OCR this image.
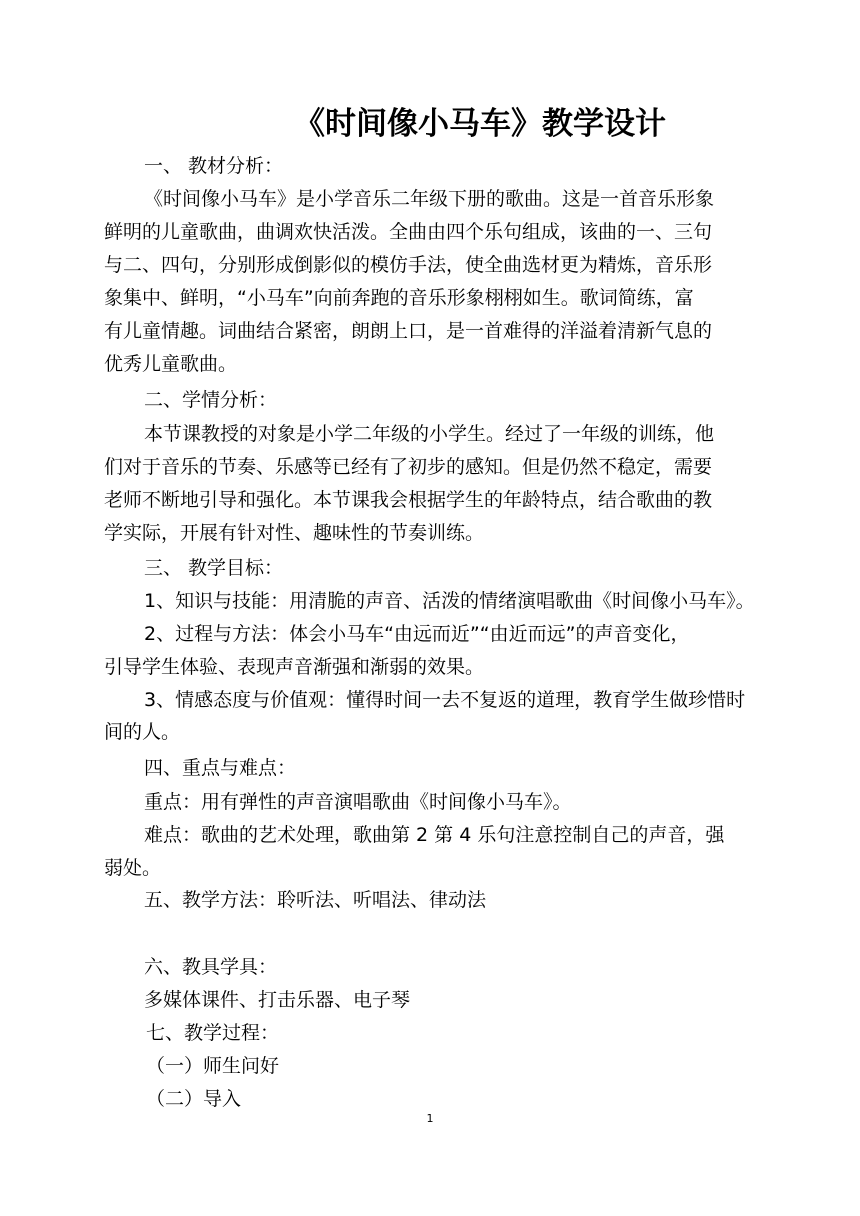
《时间像小马车》教学设计
一、 教材分析：
《时间像小马车》是小学音乐二年级下册的歌曲。这是一首音乐形象
鲜明的儿童歌曲，曲调欢快活泼。全曲由四个乐句组成，该曲的一、三句
与二、四句，分别形成倒影似的模仿手法，使全曲选材更为精炼，音乐形
象集中、鲜明，“小马车”向前奔跑的音乐形象栩栩如生。歌词简练，富
有儿童情趣。词曲结合紧密，朗朗上口，是一首难得的洋溢着清新气息的
优秀儿童歌曲。
二、学情分析：
本节课教授的对象是小学二年级的小学生。经过了一年级的训练，他
们对于音乐的节奏、乐感等已经有了初步的感知。但是仍然不稳定，需要
老师不断地引导和强化。本节课我会根据学生的年龄特点，结合歌曲的教
学实际，开展有针对性、趣味性的节奏训练。
三、 教学目标：
1、知识与技能：用清脆的声音、活泼的情绪演唱歌曲《时间像小马车》。
2、过程与方法：体会小马车“由远而近”“由近而远”的声音变化，
引导学生体验、表现声音渐强和渐弱的效果。
3、情感态度与价值观：懂得时间一去不复返的道理，教育学生做珍惜时
间的人。
四、重点与难点：
重点：用有弹性的声音演唱歌曲《时间像小马车》。
难点：歌曲的艺术处理，歌曲第 2 第 4 乐句注意控制自己的声音，强
弱处。
五、教学方法：聆听法、听唱法、律动法
六、教具学具：
多媒体课件、打击乐器、电子琴
七、教学过程：
（一）师生问好
（二）导入
1
